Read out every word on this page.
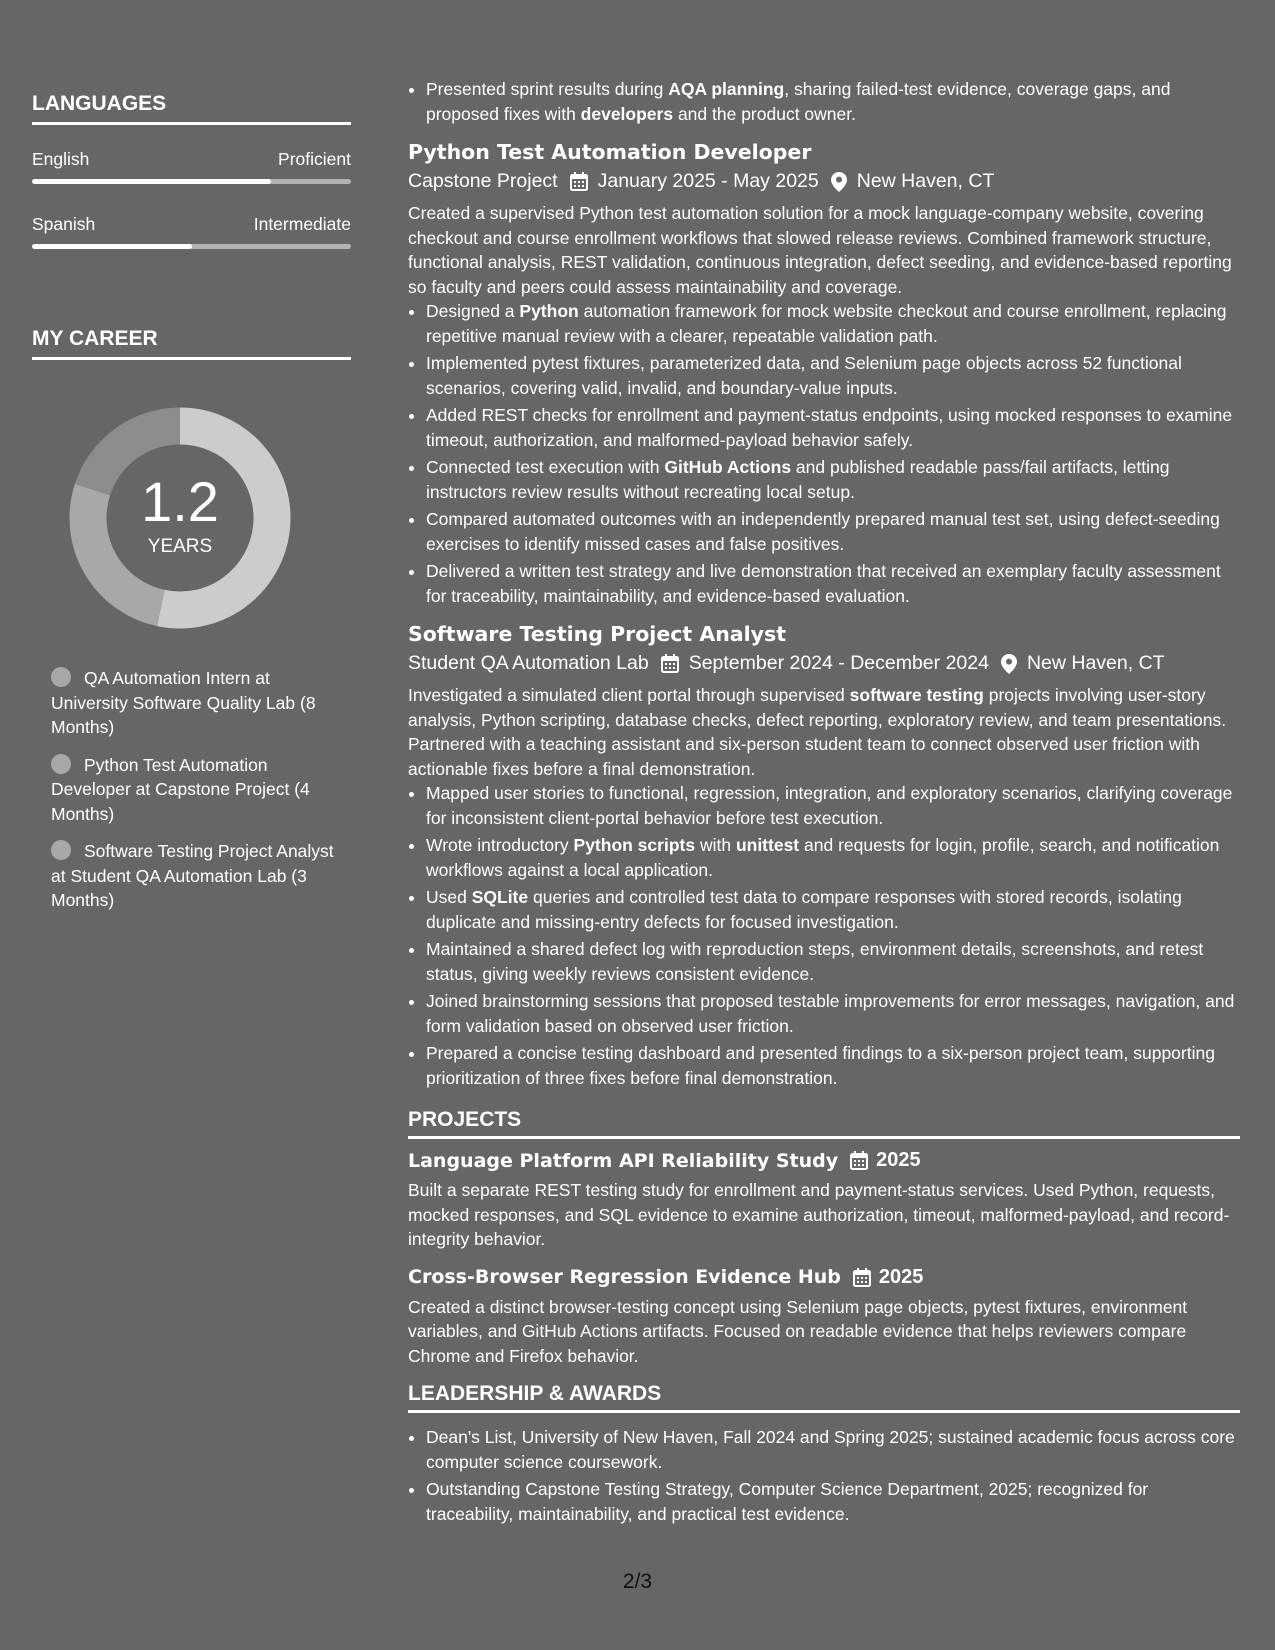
LANGUAGES
English	Proficient
Spanish	Intermediate
MY CAREER
1.2
YEARS
QA Automation Intern at University Software Quality Lab (8 Months)
Python Test Automation Developer at Capstone Project (4 Months)
Software Testing Project Analyst at Student QA Automation Lab (3 Months)
• Presented sprint results during AQA planning, sharing failed-test evidence, coverage gaps, and proposed fixes with developers and the product owner.
Python Test Automation Developer
Capstone Project January 2025 - May 2025 New Haven, CT

Created a supervised Python test automation solution for a mock language-company website, covering checkout and course enrollment workflows that slowed release reviews. Combined framework structure, functional analysis, REST validation, continuous integration, defect seeding, and evidence-based reporting so faculty and peers could assess maintainability and coverage.

• Designed a Python automation framework for mock website checkout and course enrollment, replacing repetitive manual review with a clearer, repeatable validation path.
• Implemented pytest fixtures, parameterized data, and Selenium page objects across 52 functional scenarios, covering valid, invalid, and boundary-value inputs.
• Added REST checks for enrollment and payment-status endpoints, using mocked responses to examine timeout, authorization, and malformed-payload behavior safely.
• Connected test execution with GitHub Actions and published readable pass/fail artifacts, letting instructors review results without recreating local setup.
• Compared automated outcomes with an independently prepared manual test set, using defect-seeding exercises to identify missed cases and false positives.
• Delivered a written test strategy and live demonstration that received an exemplary faculty assessment for traceability, maintainability, and evidence-based evaluation.
Software Testing Project Analyst
Student QA Automation Lab September 2024 - December 2024 New Haven, CT

Investigated a simulated client portal through supervised software testing projects involving user-story analysis, Python scripting, database checks, defect reporting, exploratory review, and team presentations. Partnered with a teaching assistant and six-person student team to connect observed user friction with actionable fixes before a final demonstration.

• Mapped user stories to functional, regression, integration, and exploratory scenarios, clarifying coverage for inconsistent client-portal behavior before test execution.
• Wrote introductory Python scripts with unittest and requests for login, profile, search, and notification workflows against a local application.
• Used SQLite queries and controlled test data to compare responses with stored records, isolating duplicate and missing-entry defects for focused investigation.
• Maintained a shared defect log with reproduction steps, environment details, screenshots, and retest status, giving weekly reviews consistent evidence.
• Joined brainstorming sessions that proposed testable improvements for error messages, navigation, and form validation based on observed user friction.
• Prepared a concise testing dashboard and presented findings to a six-person project team, supporting prioritization of three fixes before final demonstration.
PROJECTS
Language Platform API Reliability Study 2025

Built a separate REST testing study for enrollment and payment-status services. Used Python, requests, mocked responses, and SQL evidence to examine authorization, timeout, malformed-payload, and record-integrity behavior.

Cross-Browser Regression Evidence Hub 2025

Created a distinct browser-testing concept using Selenium page objects, pytest fixtures, environment variables, and GitHub Actions artifacts. Focused on readable evidence that helps reviewers compare Chrome and Firefox behavior.

LEADERSHIP & AWARDS
• Dean's List, University of New Haven, Fall 2024 and Spring 2025; sustained academic focus across core computer science coursework.
• Outstanding Capstone Testing Strategy, Computer Science Department, 2025; recognized for traceability, maintainability, and practical test evidence.
2/3
